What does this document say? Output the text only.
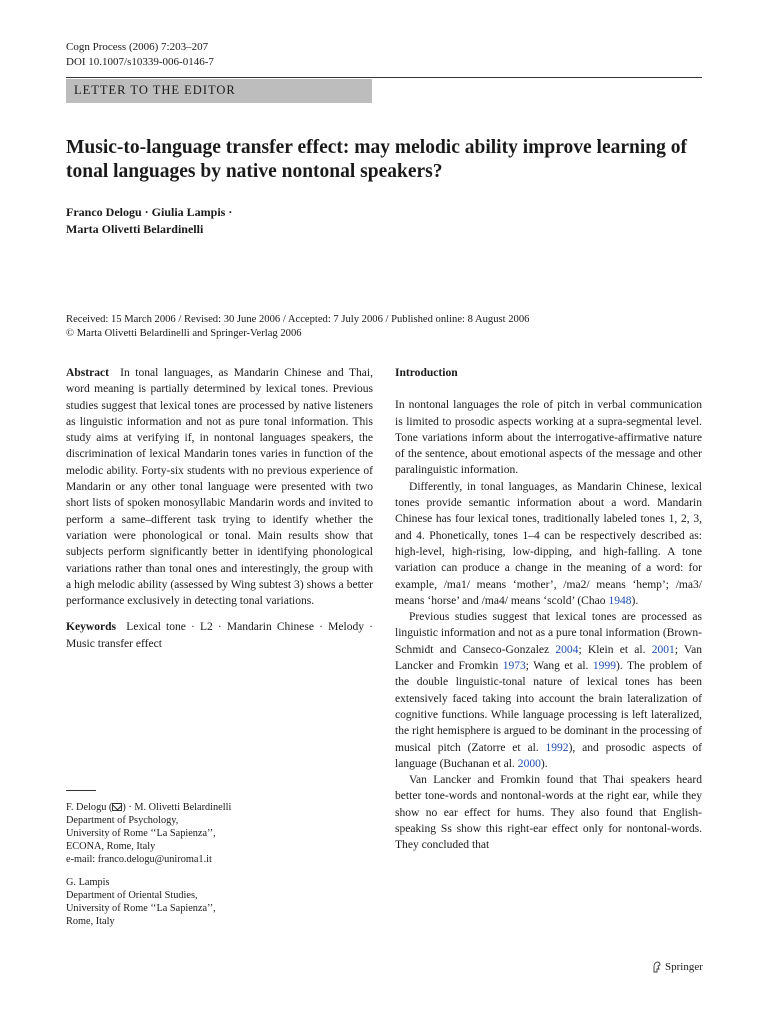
Cogn Process (2006) 7:203–207
DOI 10.1007/s10339-006-0146-7
LETTER TO THE EDITOR
Music-to-language transfer effect: may melodic ability improve learning of tonal languages by native nontonal speakers?
Franco Delogu · Giulia Lampis ·
Marta Olivetti Belardinelli
Received: 15 March 2006 / Revised: 30 June 2006 / Accepted: 7 July 2006 / Published online: 8 August 2006
© Marta Olivetti Belardinelli and Springer-Verlag 2006

Abstract In tonal languages, as Mandarin Chinese and Thai, word meaning is partially determined by lexical tones. Previous studies suggest that lexical tones are processed by native listeners as linguistic information and not as pure tonal information. This study aims at verifying if, in nontonal languages speakers, the discrimination of lexical Mandarin tones varies in function of the melodic ability. Forty-six students with no previous experience of Mandarin or any other tonal language were presented with two short lists of spoken monosyllabic Mandarin words and invited to perform a same–different task trying to identify whether the variation were phonological or tonal. Main results show that subjects perform significantly better in identifying phonological variations rather than tonal ones and interestingly, the group with a high melodic ability (assessed by Wing subtest 3) shows a better performance exclusively in detecting tonal variations.

Keywords Lexical tone · L2 · Mandarin Chinese · Melody · Music transfer effect

F. Delogu ( ) · M. Olivetti Belardinelli
Department of Psychology,
University of Rome ‘‘La Sapienza’’,
ECONA, Rome, Italy
e-mail: franco.delogu@uniroma1.it

G. Lampis
Department of Oriental Studies,
University of Rome ‘‘La Sapienza’’,
Rome, Italy

Introduction

In nontonal languages the role of pitch in verbal communication is limited to prosodic aspects working at a supra-segmental level. Tone variations inform about the interrogative-affirmative nature of the sentence, about emotional aspects of the message and other paralinguistic information.

Differently, in tonal languages, as Mandarin Chinese, lexical tones provide semantic information about a word. Mandarin Chinese has four lexical tones, traditionally labeled tones 1, 2, 3, and 4. Phonetically, tones 1–4 can be respectively described as: high-level, high-rising, low-dipping, and high-falling. A tone variation can produce a change in the meaning of a word: for example, /ma1/ means ‘mother’, /ma2/ means ‘hemp’; /ma3/ means ‘horse’ and /ma4/ means ‘scold’ (Chao 1948).

Previous studies suggest that lexical tones are processed as linguistic information and not as a pure tonal information (Brown-Schmidt and Canseco-Gonzalez 2004; Klein et al. 2001; Van Lancker and Fromkin 1973; Wang et al. 1999). The problem of the double linguistic-tonal nature of lexical tones has been extensively faced taking into account the brain lateralization of cognitive functions. While language processing is left lateralized, the right hemisphere is argued to be dominant in the processing of musical pitch (Zatorre et al. 1992), and prosodic aspects of language (Buchanan et al. 2000).

Van Lancker and Fromkin found that Thai speakers heard better tone-words and nontonal-words at the right ear, while they show no ear effect for hums. They also found that English-speaking Ss show this right-ear effect only for nontonal-words. They concluded that

Springer
